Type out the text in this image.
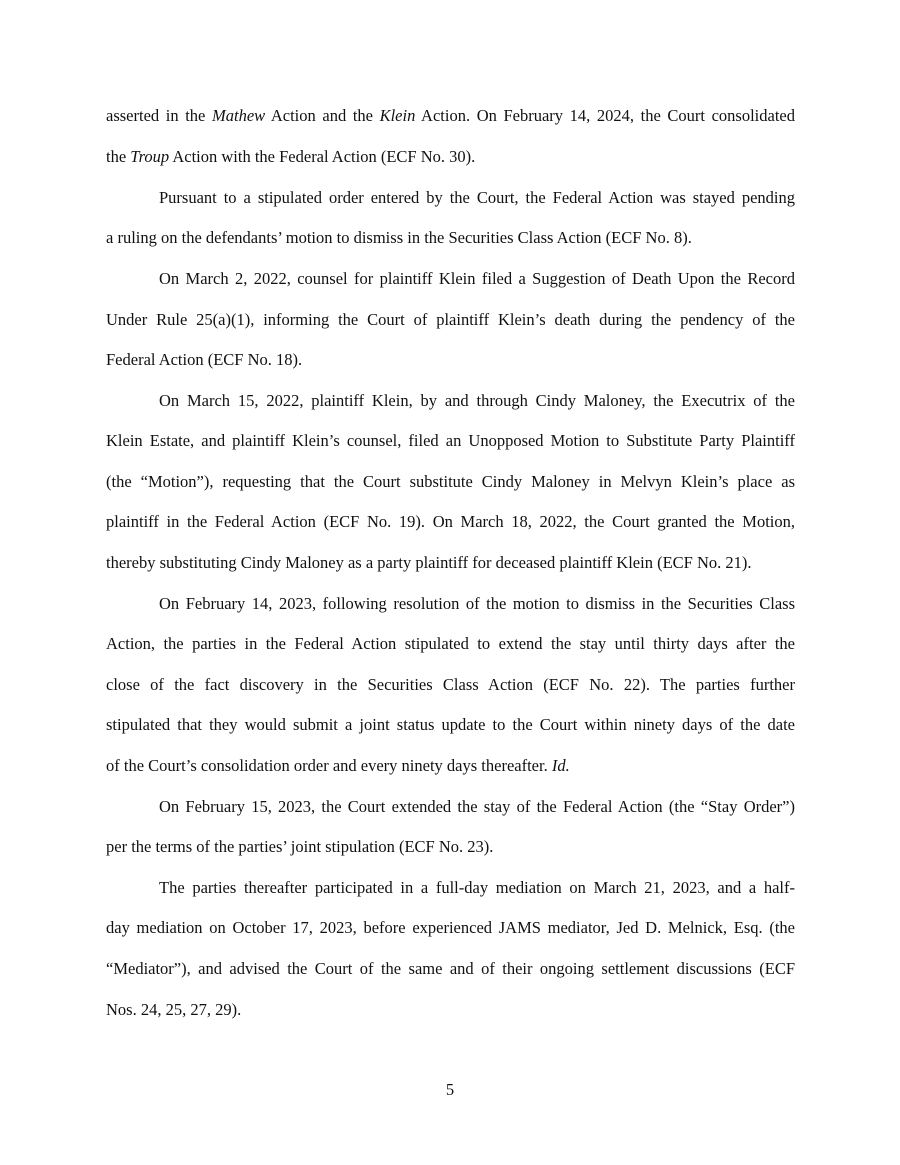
asserted in the Mathew Action and the Klein Action. On February 14, 2024, the Court consolidated
the Troup Action with the Federal Action (ECF No. 30).
Pursuant to a stipulated order entered by the Court, the Federal Action was stayed pending
a ruling on the defendants’ motion to dismiss in the Securities Class Action (ECF No. 8).
On March 2, 2022, counsel for plaintiff Klein filed a Suggestion of Death Upon the Record
Under Rule 25(a)(1), informing the Court of plaintiff Klein’s death during the pendency of the
Federal Action (ECF No. 18).
On March 15, 2022, plaintiff Klein, by and through Cindy Maloney, the Executrix of the
Klein Estate, and plaintiff Klein’s counsel, filed an Unopposed Motion to Substitute Party Plaintiff
(the “Motion”), requesting that the Court substitute Cindy Maloney in Melvyn Klein’s place as
plaintiff in the Federal Action (ECF No. 19). On March 18, 2022, the Court granted the Motion,
thereby substituting Cindy Maloney as a party plaintiff for deceased plaintiff Klein (ECF No. 21).
On February 14, 2023, following resolution of the motion to dismiss in the Securities Class
Action, the parties in the Federal Action stipulated to extend the stay until thirty days after the
close of the fact discovery in the Securities Class Action (ECF No. 22). The parties further
stipulated that they would submit a joint status update to the Court within ninety days of the date
of the Court’s consolidation order and every ninety days thereafter. Id.
On February 15, 2023, the Court extended the stay of the Federal Action (the “Stay Order”)
per the terms of the parties’ joint stipulation (ECF No. 23).
The parties thereafter participated in a full-day mediation on March 21, 2023, and a half-
day mediation on October 17, 2023, before experienced JAMS mediator, Jed D. Melnick, Esq. (the
“Mediator”), and advised the Court of the same and of their ongoing settlement discussions (ECF
Nos. 24, 25, 27, 29).
5
